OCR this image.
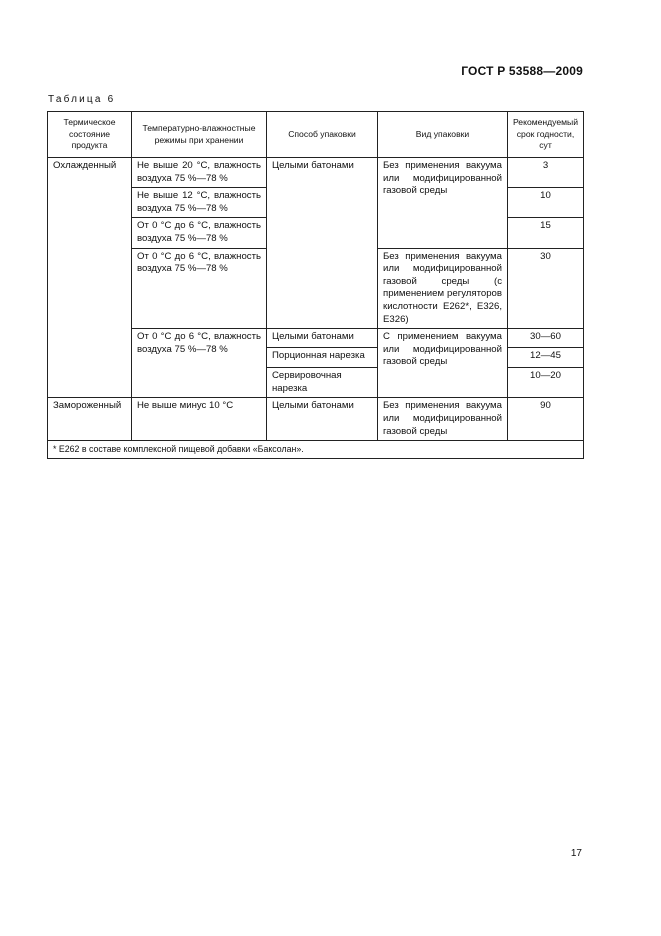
ГОСТ Р 53588—2009
Таблица 6
Термическое состояние продукта	Температурно-влажностные режимы при хранении	Способ упаковки	Вид упаковки	Рекомендуемый срок годности, сут
Охлажденный	Не выше 20 °С, влажность воздуха 75 %—78 %	Целыми батонами	Без применения вакуума или модифицированной газовой среды	3
	Не выше 12 °С, влажность воздуха 75 %—78 %			10
	От 0 °С до 6 °С, влажность воздуха 75 %—78 %			15
	От 0 °С до 6 °С, влажность воздуха 75 %—78 %		Без применения вакуума или модифицированной газовой среды (с применением регуляторов кислотности Е262*, Е326, Е326)	30
	От 0 °С до 6 °С, влажность воздуха 75 %—78 %	Целыми батонами	С применением вакуума или модифицированной газовой среды	30—60
		Порционная нарезка		12—45
		Сервировочная нарезка		10—20
Замороженный	Не выше минус 10 °С	Целыми батонами	Без применения вакуума или модифицированной газовой среды	90
* Е262 в составе комплексной пищевой добавки «Баксолан».				
17
